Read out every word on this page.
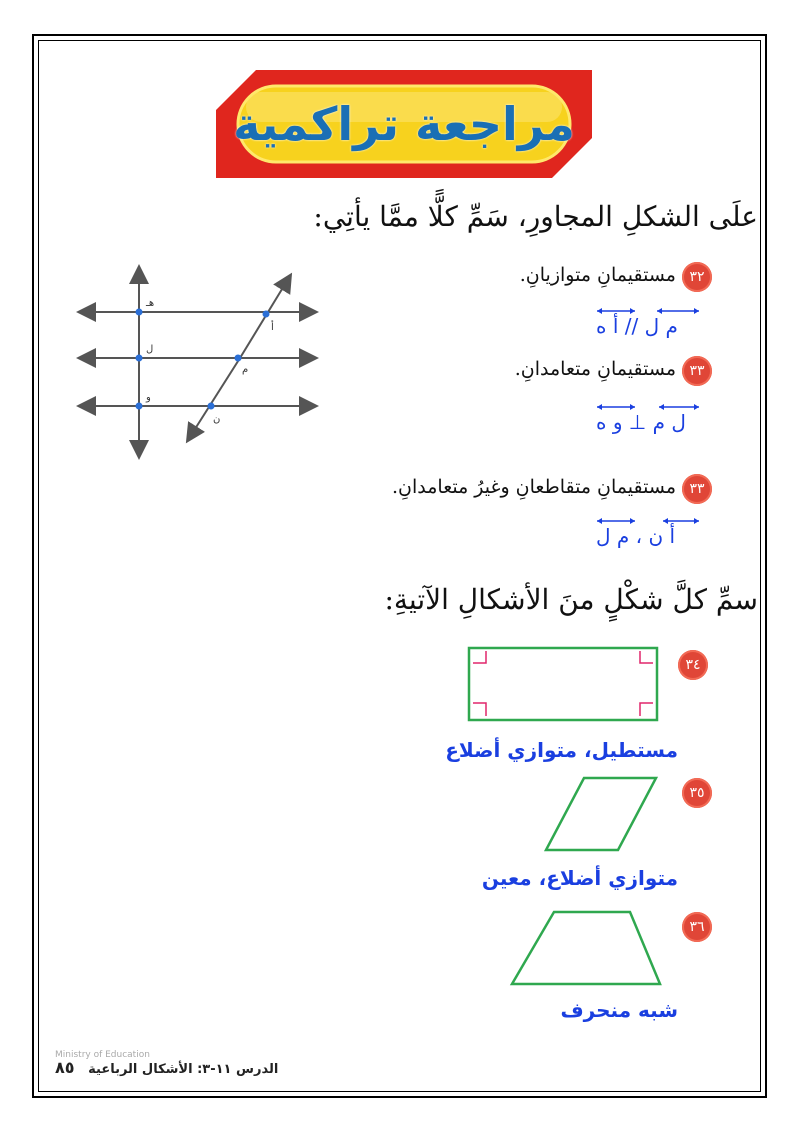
مراجعة تراكمية
علَى الشكلِ المجاورِ، سَمِّ كلًّا ممَّا يأتِي:
هـ
ل
و
أ
م
ن
٣٢
مستقيمانِ متوازيانِ.
م ل // أ ه
٣٣
مستقيمانِ متعامدانِ.
ل م ⊥ و ه
٣٣
مستقيمانِ متقاطعانِ وغيرُ متعامدانِ.
أ ن ، م ل
سمِّ كلَّ شكْلٍ منَ الأشكالِ الآتيةِ:
٣٤
مستطيل، متوازي أضلاع
٣٥
متوازي أضلاع، معين
٣٦
شبه منحرف
Ministry of Education
الدرس ١١-٣: الأشكال الرباعية   ٨٥
